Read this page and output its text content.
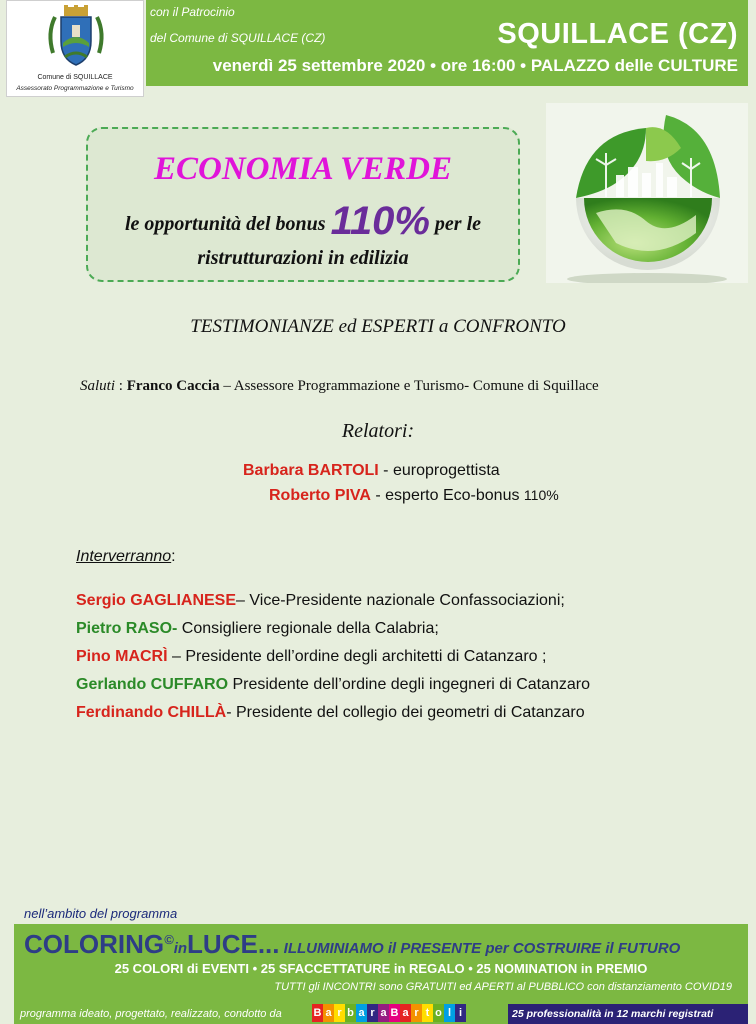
Comune di SQUILLACE
Assessorato Programmazione e Turismo
con il Patrocinio
del Comune di SQUILLACE (CZ)	SQUILLACE (CZ)
venerdì 25 settembre 2020 • ore 16:00 • PALAZZO delle CULTURE
ECONOMIA VERDE
le opportunità del bonus 110% per le
ristrutturazioni in edilizia
TESTIMONIANZE ed ESPERTI a CONFRONTO
Saluti : Franco Caccia – Assessore Programmazione e Turismo- Comune di Squillace
Relatori:
Barbara BARTOLI - europrogettista
Roberto PIVA - esperto Eco-bonus 110%
Interverranno:
Sergio GAGLIANESE– Vice-Presidente nazionale Confassociazioni;
Pietro RASO- Consigliere regionale della Calabria;
Pino MACRÌ – Presidente dell’ordine degli architetti di Catanzaro ;
Gerlando CUFFARO Presidente dell’ordine degli ingegneri di Catanzaro
Ferdinando CHILLÀ- Presidente del collegio dei geometri di Catanzaro
nell’ambito del programma
COLORING©inLUCE... ILLUMINIAMO il PRESENTE per COSTRUIRE il FUTURO
25 COLORI di EVENTI • 25 SFACCETTATURE in REGALO • 25 NOMINATION in PREMIO
TUTTI gli INCONTRI sono GRATUITI ed APERTI al PUBBLICO con distanziamento COVID19
programma ideato, progettato, realizzato, condotto da	B a r b a r a B a r t o l i	25 professionalità in 12 marchi registrati
